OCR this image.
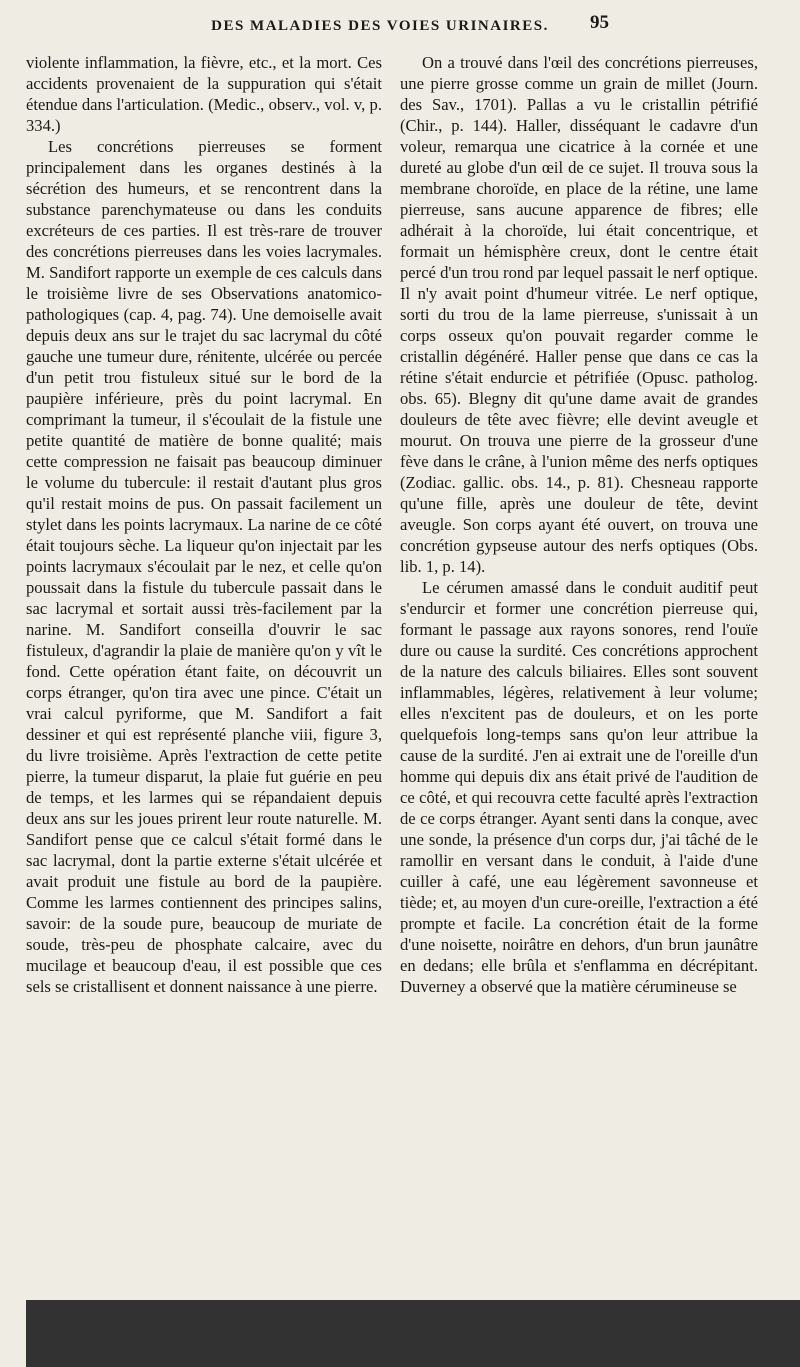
DES MALADIES DES VOIES URINAIRES.	95

violente inflammation, la fièvre, etc., et la mort. Ces accidents provenaient de la suppuration qui s'était étendue dans l'articulation. (Medic., observ., vol. v, p. 334.)

Les concrétions pierreuses se forment principalement dans les organes destinés à la sécrétion des humeurs, et se rencontrent dans la substance parenchymateuse ou dans les conduits excréteurs de ces parties. Il est très-rare de trouver des concrétions pierreuses dans les voies lacrymales. M. Sandifort rapporte un exemple de ces calculs dans le troisième livre de ses Observations anatomico-pathologiques (cap. 4, pag. 74). Une demoiselle avait depuis deux ans sur le trajet du sac lacrymal du côté gauche une tumeur dure, rénitente, ulcérée ou percée d'un petit trou fistuleux situé sur le bord de la paupière inférieure, près du point lacrymal. En comprimant la tumeur, il s'écoulait de la fistule une petite quantité de matière de bonne qualité; mais cette compression ne faisait pas beaucoup diminuer le volume du tubercule: il restait d'autant plus gros qu'il restait moins de pus. On passait facilement un stylet dans les points lacrymaux. La narine de ce côté était toujours sèche. La liqueur qu'on injectait par les points lacrymaux s'écoulait par le nez, et celle qu'on poussait dans la fistule du tubercule passait dans le sac lacrymal et sortait aussi très-facilement par la narine. M. Sandifort conseilla d'ouvrir le sac fistuleux, d'agrandir la plaie de manière qu'on y vît le fond. Cette opération étant faite, on découvrit un corps étranger, qu'on tira avec une pince. C'était un vrai calcul pyriforme, que M. Sandifort a fait dessiner et qui est représenté planche viii, figure 3, du livre troisième. Après l'extraction de cette petite pierre, la tumeur disparut, la plaie fut guérie en peu de temps, et les larmes qui se répandaient depuis deux ans sur les joues prirent leur route naturelle. M. Sandifort pense que ce calcul s'était formé dans le sac lacrymal, dont la partie externe s'était ulcérée et avait produit une fistule au bord de la paupière. Comme les larmes contiennent des principes salins, savoir: de la soude pure, beaucoup de muriate de soude, très-peu de phosphate calcaire, avec du mucilage et beaucoup d'eau, il est possible que ces sels se cristallisent et donnent naissance à une pierre.

On a trouvé dans l'œil des concrétions pierreuses, une pierre grosse comme un grain de millet (Journ. des Sav., 1701). Pallas a vu le cristallin pétrifié (Chir., p. 144). Haller, disséquant le cadavre d'un voleur, remarqua une cicatrice à la cornée et une dureté au globe d'un œil de ce sujet. Il trouva sous la membrane choroïde, en place de la rétine, une lame pierreuse, sans aucune apparence de fibres; elle adhérait à la choroïde, lui était concentrique, et formait un hémisphère creux, dont le centre était percé d'un trou rond par lequel passait le nerf optique. Il n'y avait point d'humeur vitrée. Le nerf optique, sorti du trou de la lame pierreuse, s'unissait à un corps osseux qu'on pouvait regarder comme le cristallin dégénéré. Haller pense que dans ce cas la rétine s'était endurcie et pétrifiée (Opusc. patholog. obs. 65). Blegny dit qu'une dame avait de grandes douleurs de tête avec fièvre; elle devint aveugle et mourut. On trouva une pierre de la grosseur d'une fève dans le crâne, à l'union même des nerfs optiques (Zodiac. gallic. obs. 14., p. 81). Chesneau rapporte qu'une fille, après une douleur de tête, devint aveugle. Son corps ayant été ouvert, on trouva une concrétion gypseuse autour des nerfs optiques (Obs. lib. 1, p. 14).

Le cérumen amassé dans le conduit auditif peut s'endurcir et former une concrétion pierreuse qui, formant le passage aux rayons sonores, rend l'ouïe dure ou cause la surdité. Ces concrétions approchent de la nature des calculs biliaires. Elles sont souvent inflammables, légères, relativement à leur volume; elles n'excitent pas de douleurs, et on les porte quelquefois long-temps sans qu'on leur attribue la cause de la surdité. J'en ai extrait une de l'oreille d'un homme qui depuis dix ans était privé de l'audition de ce côté, et qui recouvra cette faculté après l'extraction de ce corps étranger. Ayant senti dans la conque, avec une sonde, la présence d'un corps dur, j'ai tâché de le ramollir en versant dans le conduit, à l'aide d'une cuiller à café, une eau légèrement savonneuse et tiède; et, au moyen d'un cure-oreille, l'extraction a été prompte et facile. La concrétion était de la forme d'une noisette, noirâtre en dehors, d'un brun jaunâtre en dedans; elle brûla et s'enflamma en décrépitant. Duverney a observé que la matière cérumineuse se
